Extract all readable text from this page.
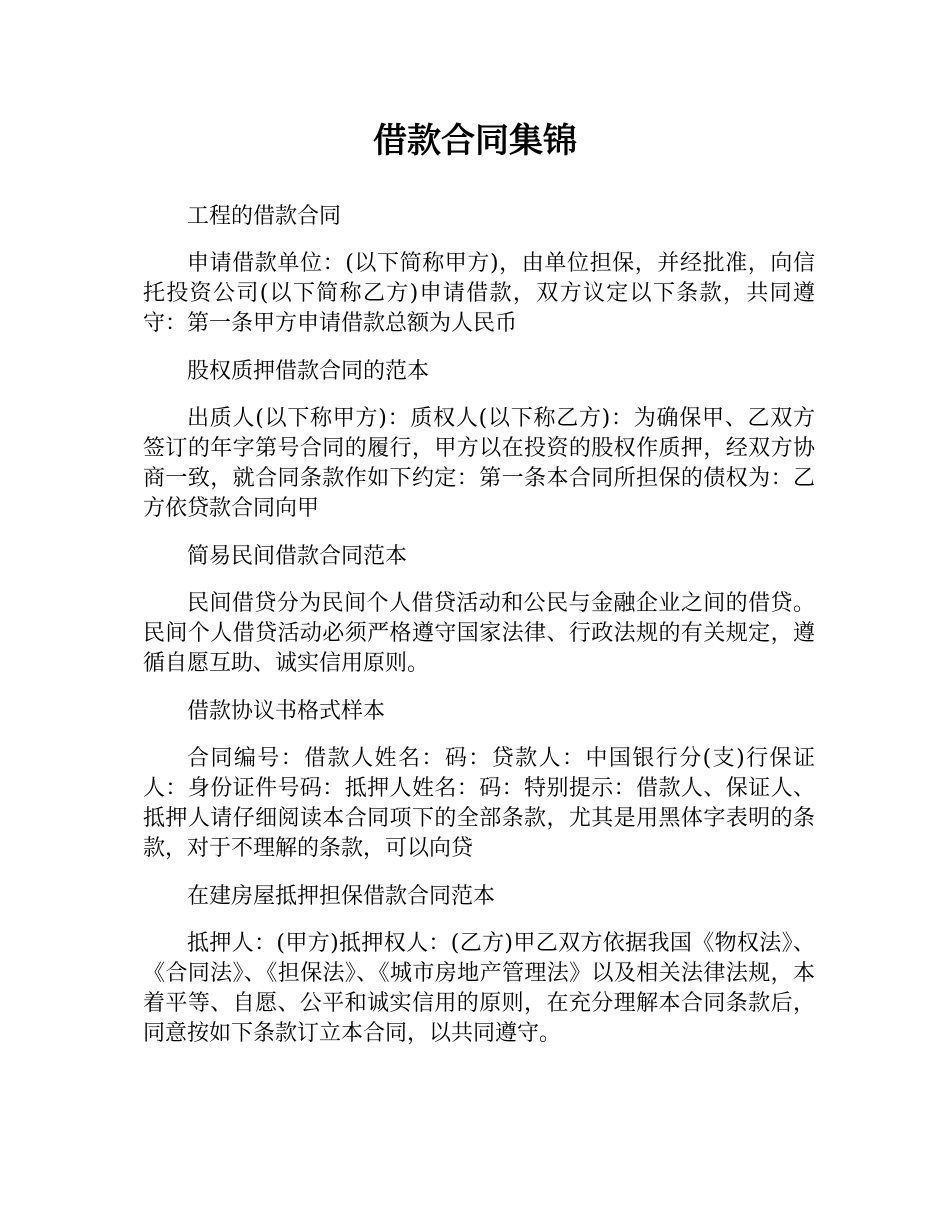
借款合同集锦

工程的借款合同

申请借款单位：(以下简称甲方)，由单位担保，并经批准，向信托投资公司(以下简称乙方)申请借款，双方议定以下条款，共同遵守：第一条甲方申请借款总额为人民币

股权质押借款合同的范本

出质人(以下称甲方)：质权人(以下称乙方)：为确保甲、乙双方签订的年字第号合同的履行，甲方以在投资的股权作质押，经双方协商一致，就合同条款作如下约定：第一条本合同所担保的债权为：乙方依贷款合同向甲

简易民间借款合同范本

民间借贷分为民间个人借贷活动和公民与金融企业之间的借贷。民间个人借贷活动必须严格遵守国家法律、行政法规的有关规定，遵循自愿互助、诚实信用原则。

借款协议书格式样本

合同编号：借款人姓名：码：贷款人：中国银行分(支)行保证人：身份证件号码：抵押人姓名：码：特别提示：借款人、保证人、抵押人请仔细阅读本合同项下的全部条款，尤其是用黑体字表明的条款，对于不理解的条款，可以向贷

在建房屋抵押担保借款合同范本

抵押人：(甲方)抵押权人：(乙方)甲乙双方依据我国《物权法》、《合同法》、《担保法》、《城市房地产管理法》以及相关法律法规，本着平等、自愿、公平和诚实信用的原则，在充分理解本合同条款后，同意按如下条款订立本合同，以共同遵守。
